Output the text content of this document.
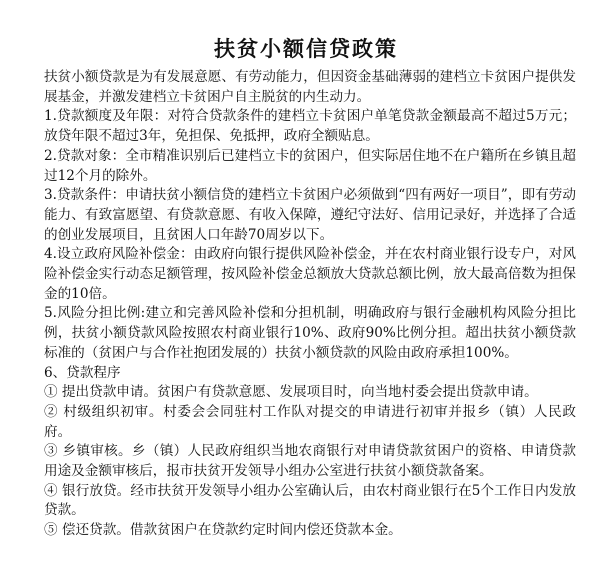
扶贫小额信贷政策

扶贫小额贷款是为有发展意愿、有劳动能力，但因资金基础薄弱的建档立卡贫困户提供发展基金，并激发建档立卡贫困户自主脱贫的内生动力。

1.贷款额度及年限：对符合贷款条件的建档立卡贫困户单笔贷款金额最高不超过5万元；放贷年限不超过3年，免担保、免抵押，政府全额贴息。

2.贷款对象：全市精准识别后已建档立卡的贫困户，但实际居住地不在户籍所在乡镇且超过12个月的除外。

3.贷款条件：申请扶贫小额信贷的建档立卡贫困户必须做到“四有两好一项目”，即有劳动能力、有致富愿望、有贷款意愿、有收入保障，遵纪守法好、信用记录好，并选择了合适的创业发展项目，且贫困人口年龄70周岁以下。

4.设立政府风险补偿金：由政府向银行提供风险补偿金，并在农村商业银行设专户，对风险补偿金实行动态足额管理，按风险补偿金总额放大贷款总额比例，放大最高倍数为担保金的10倍。

5.风险分担比例:建立和完善风险补偿和分担机制，明确政府与银行金融机构风险分担比例，扶贫小额贷款风险按照农村商业银行10%、政府90%比例分担。超出扶贫小额贷款标准的（贫困户与合作社抱团发展的）扶贫小额贷款的风险由政府承担100%。

6、贷款程序

① 提出贷款申请。贫困户有贷款意愿、发展项目时，向当地村委会提出贷款申请。

② 村级组织初审。村委会会同驻村工作队对提交的申请进行初审并报乡（镇）人民政府。

③ 乡镇审核。乡（镇）人民政府组织当地农商银行对申请贷款贫困户的资格、申请贷款用途及金额审核后，报市扶贫开发领导小组办公室进行扶贫小额贷款备案。

④ 银行放贷。经市扶贫开发领导小组办公室确认后，由农村商业银行在5个工作日内发放贷款。

⑤ 偿还贷款。借款贫困户在贷款约定时间内偿还贷款本金。
